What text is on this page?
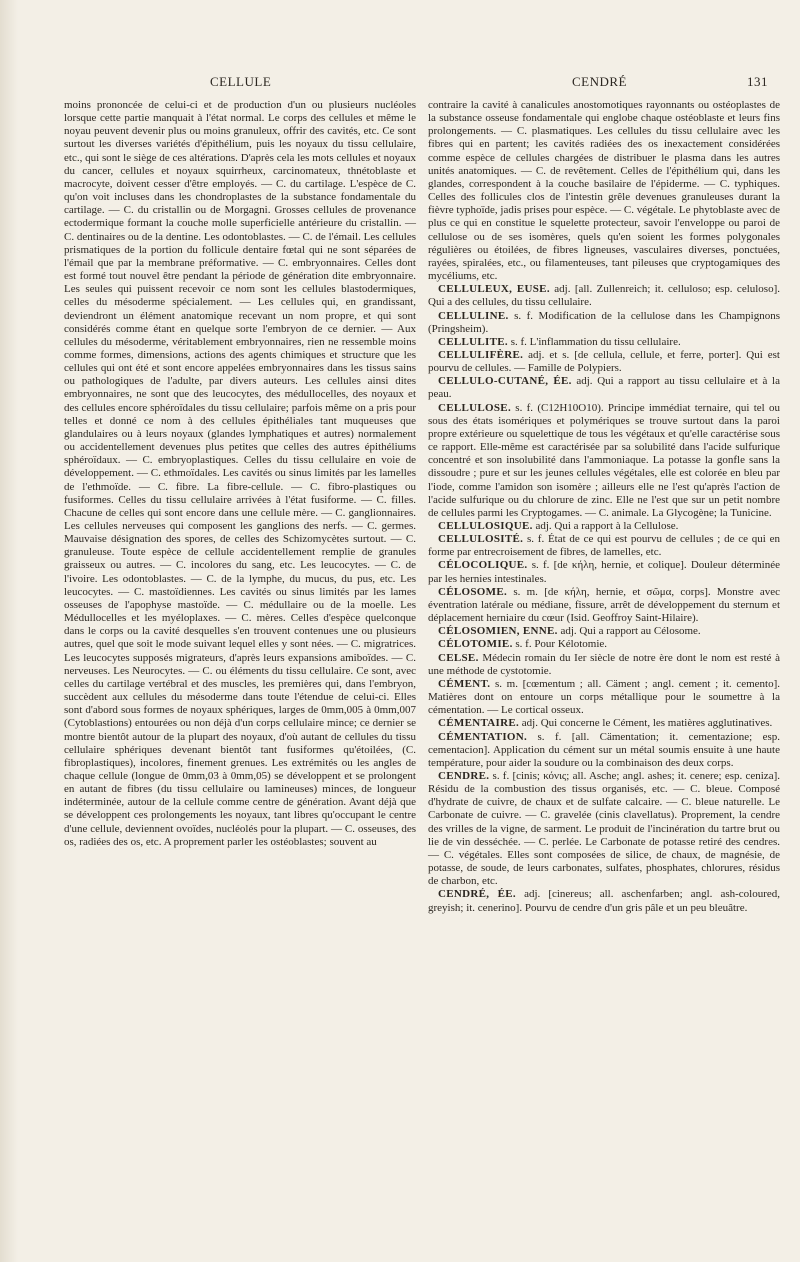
CELLULE	CENDRÉ	131

moins prononcée de celui-ci et de production d'un ou plusieurs nucléoles lorsque cette partie manquait à l'état normal. Le corps des cellules et même le noyau peuvent devenir plus ou moins granuleux, offrir des cavités, etc. Ce sont surtout les diverses variétés d'épithélium, puis les noyaux du tissu cellulaire, etc., qui sont le siège de ces altérations. D'après cela les mots cellules et noyaux du cancer, cellules et noyaux squirrheux, carcinomateux, thnétoblaste et macrocyte, doivent cesser d'être employés. — C. du cartilage. L'espèce de C. qu'on voit incluses dans les chondroplastes de la substance fondamentale du cartilage. — C. du cristallin ou de Morgagni. Grosses cellules de provenance ectodermique formant la couche molle superficielle antérieure du cristallin. — C. dentinaires ou de la dentine. Les odontoblastes. — C. de l'émail. Les cellules prismatiques de la portion du follicule dentaire fœtal qui ne sont séparées de l'émail que par la membrane préformative. — C. embryonnaires. Celles dont est formé tout nouvel être pendant la période de génération dite embryonnaire. Les seules qui puissent recevoir ce nom sont les cellules blastodermiques, celles du mésoderme spécialement. — Les cellules qui, en grandissant, deviendront un élément anatomique recevant un nom propre, et qui sont considérés comme étant en quelque sorte l'embryon de ce dernier. — Aux cellules du mésoderme, véritablement embryonnaires, rien ne ressemble moins comme formes, dimensions, actions des agents chimiques et structure que les cellules qui ont été et sont encore appelées embryonnaires dans les tissus sains ou pathologiques de l'adulte, par divers auteurs. Les cellules ainsi dites embryonnaires, ne sont que des leucocytes, des médullocelles, des noyaux et des cellules encore sphéroïdales du tissu cellulaire; parfois même on a pris pour telles et donné ce nom à des cellules épithéliales tant muqueuses que glandulaires ou à leurs noyaux (glandes lymphatiques et autres) normalement ou accidentellement devenues plus petites que celles des autres épithéliums sphéroïdaux. — C. embryoplastiques. Celles du tissu cellulaire en voie de développement. — C. ethmoïdales. Les cavités ou sinus limités par les lamelles de l'ethmoïde. — C. fibre. La fibre-cellule. — C. fibro-plastiques ou fusiformes. Celles du tissu cellulaire arrivées à l'état fusiforme. — C. filles. Chacune de celles qui sont encore dans une cellule mère. — C. ganglionnaires. Les cellules nerveuses qui composent les ganglions des nerfs. — C. germes. Mauvaise désignation des spores, de celles des Schizomycètes surtout. — C. granuleuse. Toute espèce de cellule accidentellement remplie de granules graisseux ou autres. — C. incolores du sang, etc. Les leucocytes. — C. de l'ivoire. Les odontoblastes. — C. de la lymphe, du mucus, du pus, etc. Les leucocytes. — C. mastoïdiennes. Les cavités ou sinus limités par les lames osseuses de l'apophyse mastoïde. — C. médullaire ou de la moelle. Les Médullocelles et les myéloplaxes. — C. mères. Celles d'espèce quelconque dans le corps ou la cavité desquelles s'en trouvent contenues une ou plusieurs autres, quel que soit le mode suivant lequel elles y sont nées. — C. migratrices. Les leucocytes supposés migrateurs, d'après leurs expansions amiboïdes. — C. nerveuses. Les Neurocytes. — C. ou éléments du tissu cellulaire. Ce sont, avec celles du cartilage vertébral et des muscles, les premières qui, dans l'embryon, succèdent aux cellules du mésoderme dans toute l'étendue de celui-ci. Elles sont d'abord sous formes de noyaux sphériques, larges de 0mm,005 à 0mm,007 (Cytoblastions) entourées ou non déjà d'un corps cellulaire mince; ce dernier se montre bientôt autour de la plupart des noyaux, d'où autant de cellules du tissu cellulaire sphériques devenant bientôt tant fusiformes qu'étoilées, (C. fibroplastiques), incolores, finement grenues. Les extrémités ou les angles de chaque cellule (longue de 0mm,03 à 0mm,05) se développent et se prolongent en autant de fibres (du tissu cellulaire ou lamineuses) minces, de longueur indéterminée, autour de la cellule comme centre de génération. Avant déjà que se développent ces prolongements les noyaux, tant libres qu'occupant le centre d'une cellule, deviennent ovoïdes, nucléolés pour la plupart. — C. osseuses, des os, radiées des os, etc. A proprement parler les ostéoblastes; souvent au

contraire la cavité à canalicules anostomotiques rayonnants ou ostéoplastes de la substance osseuse fondamentale qui englobe chaque ostéoblaste et leurs fins prolongements. — C. plasmatiques. Les cellules du tissu cellulaire avec les fibres qui en partent; les cavités radiées des os inexactement considérées comme espèce de cellules chargées de distribuer le plasma dans les autres unités anatomiques. — C. de revêtement. Celles de l'épithélium qui, dans les glandes, correspondent à la couche basilaire de l'épiderme. — C. typhiques. Celles des follicules clos de l'intestin grêle devenues granuleuses durant la fièvre typhoïde, jadis prises pour espèce. — C. végétale. Le phytoblaste avec de plus ce qui en constitue le squelette protecteur, savoir l'enveloppe ou paroi de cellulose ou de ses isomères, quels qu'en soient les formes polygonales régulières ou étoilées, de fibres ligneuses, vasculaires diverses, ponctuées, rayées, spiralées, etc., ou filamenteuses, tant pileuses que cryptogamiques des mycéliums, etc.

CELLULEUX, EUSE. adj. [all. Zullenreich; it. celluloso; esp. celuloso]. Qui a des cellules, du tissu cellulaire.

CELLULINE. s. f. Modification de la cellulose dans les Champignons (Pringsheim).

CELLULITE. s. f. L'inflammation du tissu cellulaire.

CELLULIFÈRE. adj. et s. [de cellula, cellule, et ferre, porter]. Qui est pourvu de cellules. — Famille de Polypiers.

CELLULO-CUTANÉ, ÉE. adj. Qui a rapport au tissu cellulaire et à la peau.

CELLULOSE. s. f. (C12H10O10). Principe immédiat ternaire, qui tel ou sous des états isomériques et polymériques se trouve surtout dans la paroi propre extérieure ou squelettique de tous les végétaux et qu'elle caractérise sous ce rapport. Elle-même est caractérisée par sa solubilité dans l'acide sulfurique concentré et son insolubilité dans l'ammoniaque. La potasse la gonfle sans la dissoudre ; pure et sur les jeunes cellules végétales, elle est colorée en bleu par l'iode, comme l'amidon son isomère ; ailleurs elle ne l'est qu'après l'action de l'acide sulfurique ou du chlorure de zinc. Elle ne l'est que sur un petit nombre de cellules parmi les Cryptogames. — C. animale. La Glycogène; la Tunicine.

CELLULOSIQUE. adj. Qui a rapport à la Cellulose.

CELLULOSITÉ. s. f. État de ce qui est pourvu de cellules ; de ce qui en forme par entrecroisement de fibres, de lamelles, etc.

CÉLOCOLIQUE. s. f. [de κήλη, hernie, et colique]. Douleur déterminée par les hernies intestinales.

CÉLOSOME. s. m. [de κήλη, hernie, et σῶμα, corps]. Monstre avec éventration latérale ou médiane, fissure, arrêt de développement du sternum et déplacement herniaire du cœur (Isid. Geoffroy Saint-Hilaire).

CÉLOSOMIEN, ENNE. adj. Qui a rapport au Célosome.

CÉLOTOMIE. s. f. Pour Kélotomie.

CELSE. Médecin romain du Ier siècle de notre ère dont le nom est resté à une méthode de cystotomie.

CÉMENT. s. m. [cœmentum ; all. Cäment ; angl. cement ; it. cemento]. Matières dont on entoure un corps métallique pour le soumettre à la cémentation. — Le cortical osseux.

CÉMENTAIRE. adj. Qui concerne le Cément, les matières agglutinatives.

CÉMENTATION. s. f. [all. Cämentation; it. cementazione; esp. cementacion]. Application du cément sur un métal soumis ensuite à une haute température, pour aider la soudure ou la combinaison des deux corps.

CENDRE. s. f. [cinis; κόνις; all. Asche; angl. ashes; it. cenere; esp. ceniza]. Résidu de la combustion des tissus organisés, etc. — C. bleue. Composé d'hydrate de cuivre, de chaux et de sulfate calcaire. — C. bleue naturelle. Le Carbonate de cuivre. — C. gravelée (cinis clavellatus). Proprement, la cendre des vrilles de la vigne, de sarment. Le produit de l'incinération du tartre brut ou lie de vin desséchée. — C. perlée. Le Carbonate de potasse retiré des cendres. — C. végétales. Elles sont composées de silice, de chaux, de magnésie, de potasse, de soude, de leurs carbonates, sulfates, phosphates, chlorures, résidus de charbon, etc.

CENDRÉ, ÉE. adj. [cinereus; all. aschenfarben; angl. ash-coloured, greyish; it. cenerino]. Pourvu de cendre d'un gris pâle et un peu bleuâtre.
